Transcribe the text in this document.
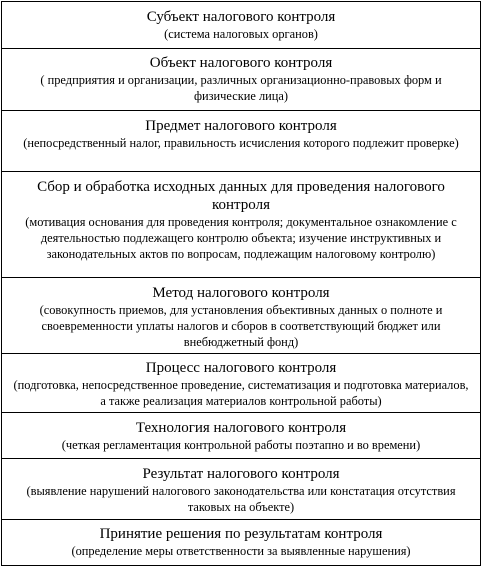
Субъект налогового контроля
(система налоговых органов)
Объект налогового контроля
( предприятия и организации, различных организационно-правовых форм и физические лица)
Предмет налогового контроля
(непосредственный налог, правильность исчисления которого подлежит проверке)
Сбор и обработка исходных данных для проведения налогового контроля
(мотивация основания для проведения контроля; документальное ознакомление с деятельностью подлежащего контролю объекта; изучение инструктивных и законодательных актов по вопросам, подлежащим налоговому контролю)
Метод налогового контроля
(совокупность приемов, для установления объективных данных о полноте и своевременности уплаты налогов и сборов в соответствующий бюджет или внебюджетный фонд)
Процесс налогового контроля
(подготовка, непосредственное проведение, систематизация и подготовка материалов, а также реализация материалов контрольной работы)
Технология налогового контроля
(четкая регламентация контрольной работы поэтапно и во времени)
Результат налогового контроля
(выявление нарушений налогового законодательства или констатация отсутствия таковых на объекте)
Принятие решения по результатам контроля
(определение меры ответственности за выявленные нарушения)
